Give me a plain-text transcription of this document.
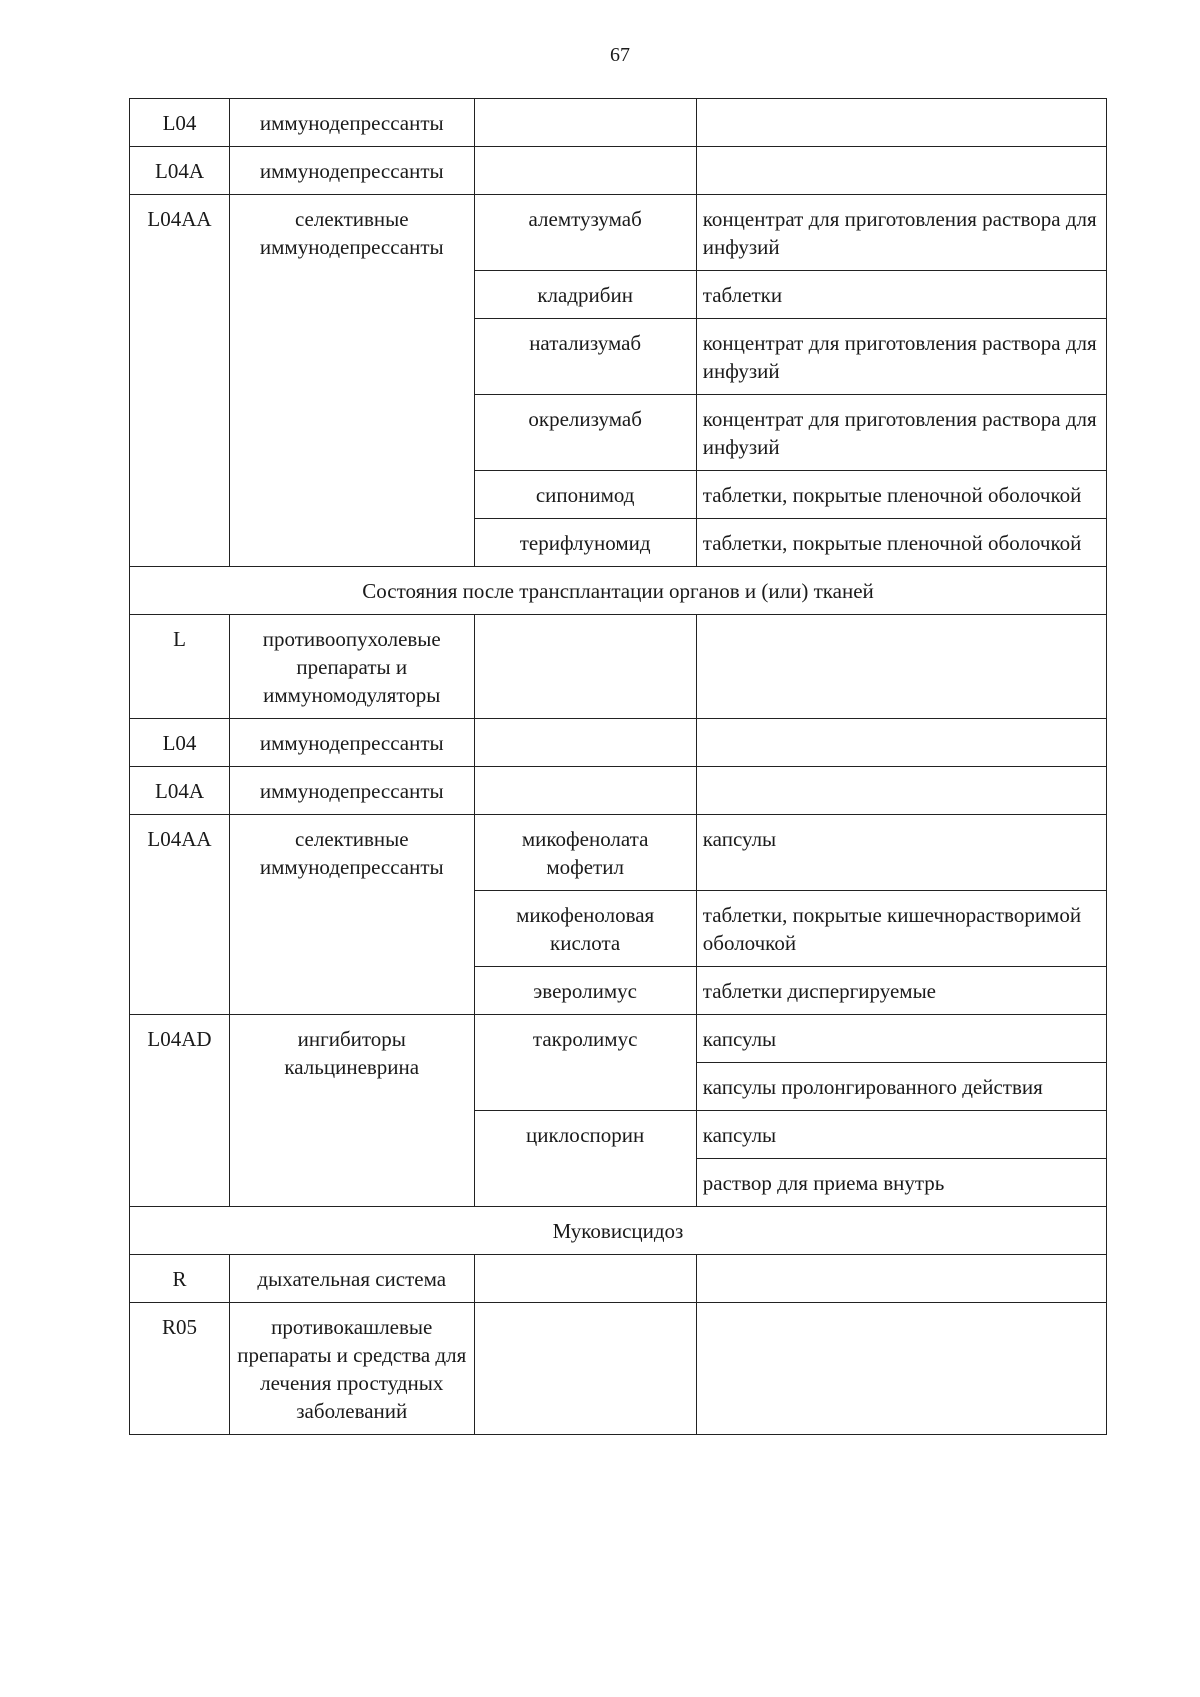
67
L04	иммунодепрессанты		
L04A	иммунодепрессанты		
L04AA	селективные иммунодепрессанты	алемтузумаб	концентрат для приготовления раствора для инфузий
		кладрибин	таблетки
		натализумаб	концентрат для приготовления раствора для инфузий
		окрелизумаб	концентрат для приготовления раствора для инфузий
		сипонимод	таблетки, покрытые пленочной оболочкой
		терифлуномид	таблетки, покрытые пленочной оболочкой
Состояния после трансплантации органов и (или) тканей			
L	противоопухолевые препараты и иммуномодуляторы		
L04	иммунодепрессанты		
L04A	иммунодепрессанты		
L04AA	селективные иммунодепрессанты	микофенолата мофетил	капсулы
		микофеноловая кислота	таблетки, покрытые кишечнорастворимой оболочкой
		эверолимус	таблетки диспергируемые
L04AD	ингибиторы кальциневрина	такролимус	капсулы
			капсулы пролонгированного действия
		циклоспорин	капсулы
			раствор для приема внутрь
Муковисцидоз			
R	дыхательная система		
R05	противокашлевые препараты и средства для лечения простудных заболеваний		
